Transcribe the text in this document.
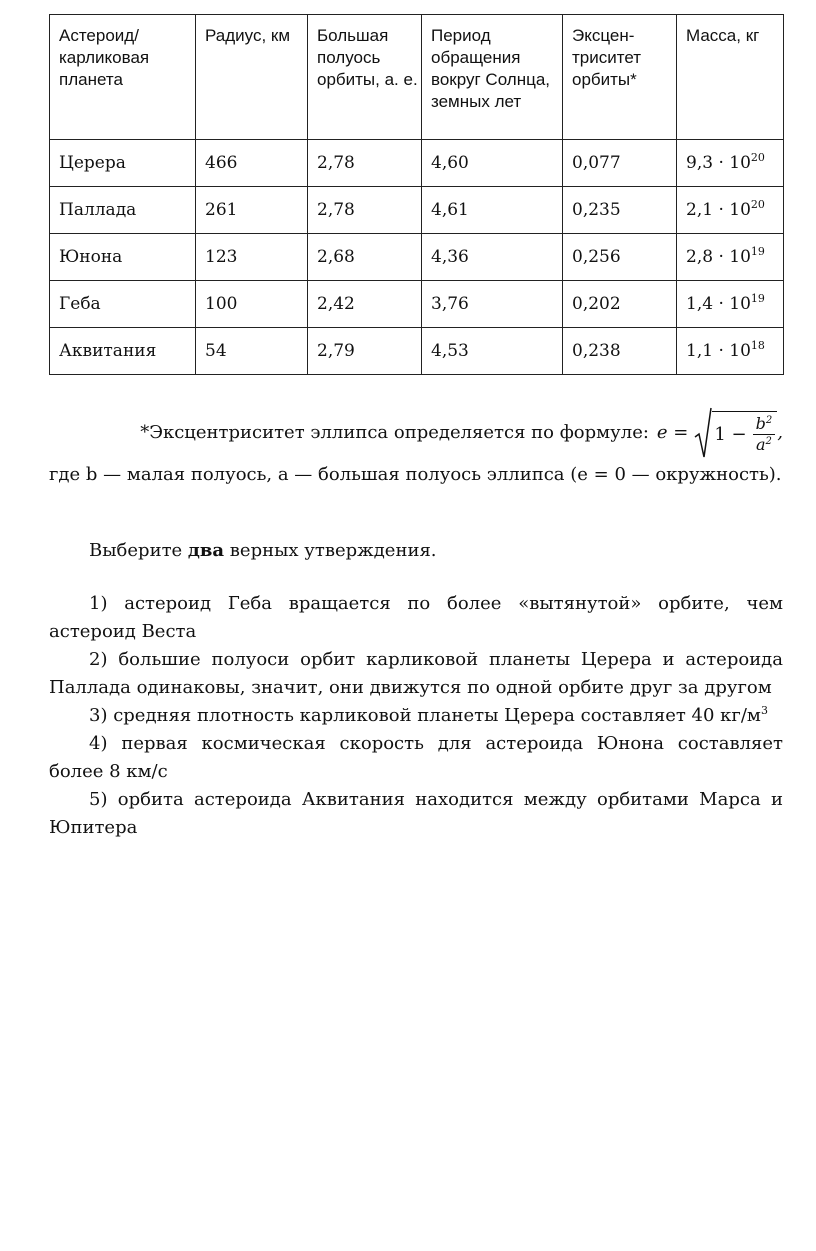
Астероид/ карликовая планета	Радиус, км	Большая полуось орбиты, а. е.	Период обращения вокруг Солнца, земных лет	Эксцен- триситет орбиты*	Масса, кг
Церера	466	2,78	4,60	0,077	$9,3 \cdot 10^{20}$
Паллада	261	2,78	4,61	0,235	$2,1 \cdot 10^{20}$
Юнона	123	2,68	4,36	0,256	$2,8 \cdot 10^{19}$
Геба	100	2,42	3,76	0,202	$1,4 \cdot 10^{19}$
Аквитания	54	2,79	4,53	0,238	$1,1 \cdot 10^{18}$
*Эксцентриситет эллипса определяется по формуле: $e = 1 - \frac{b^2}{a^2}$ ,
где b — малая полуось, a — большая полуось эллипса (e = 0 — окружность).
Выберите два верных утверждения.

1) астероид Геба вращается по более «вытянутой» орбите, чем астероид Веста

2) большие полуоси орбит карликовой планеты Церера и астероида Паллада одинаковы, значит, они движутся по одной орбите друг за другом

3) средняя плотность карликовой планеты Церера составляет 40 $кг/м^3$

4) первая космическая скорость для астероида Юнона составляет более 8 км/с

5) орбита астероида Аквитания находится между орбитами Марса и Юпитера
